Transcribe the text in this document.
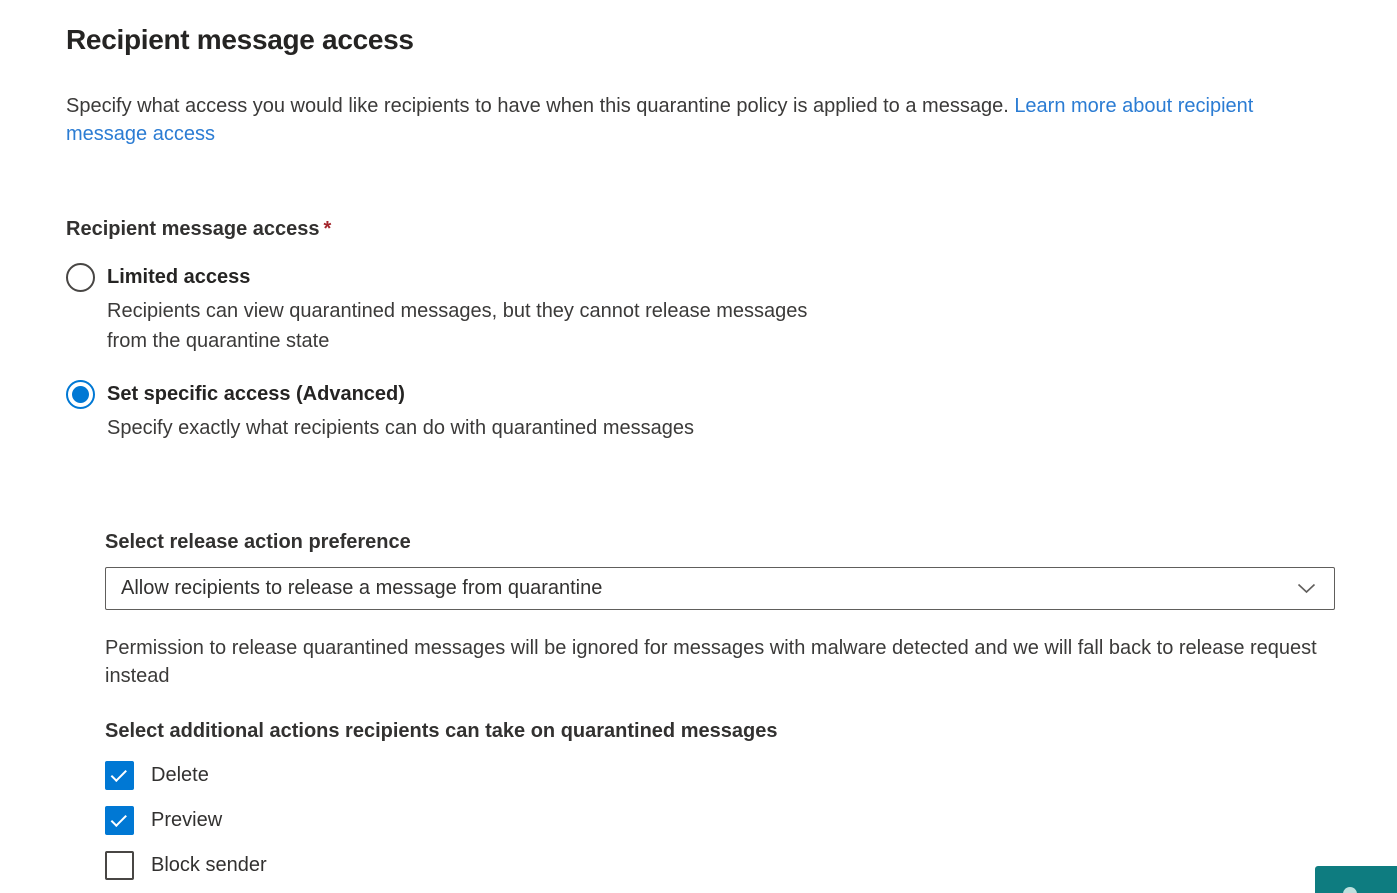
Recipient message access

Specify what access you would like recipients to have when this quarantine policy is applied to a message. Learn more about recipient message access

Recipient message access *
Limited access
Recipients can view quarantined messages, but they cannot release messages from the quarantine state
Set specific access (Advanced)
Specify exactly what recipients can do with quarantined messages
Select release action preference
Allow recipients to release a message from quarantine

Permission to release quarantined messages will be ignored for messages with malware detected and we will fall back to release request instead

Select additional actions recipients can take on quarantined messages
Delete
Preview
Block sender
